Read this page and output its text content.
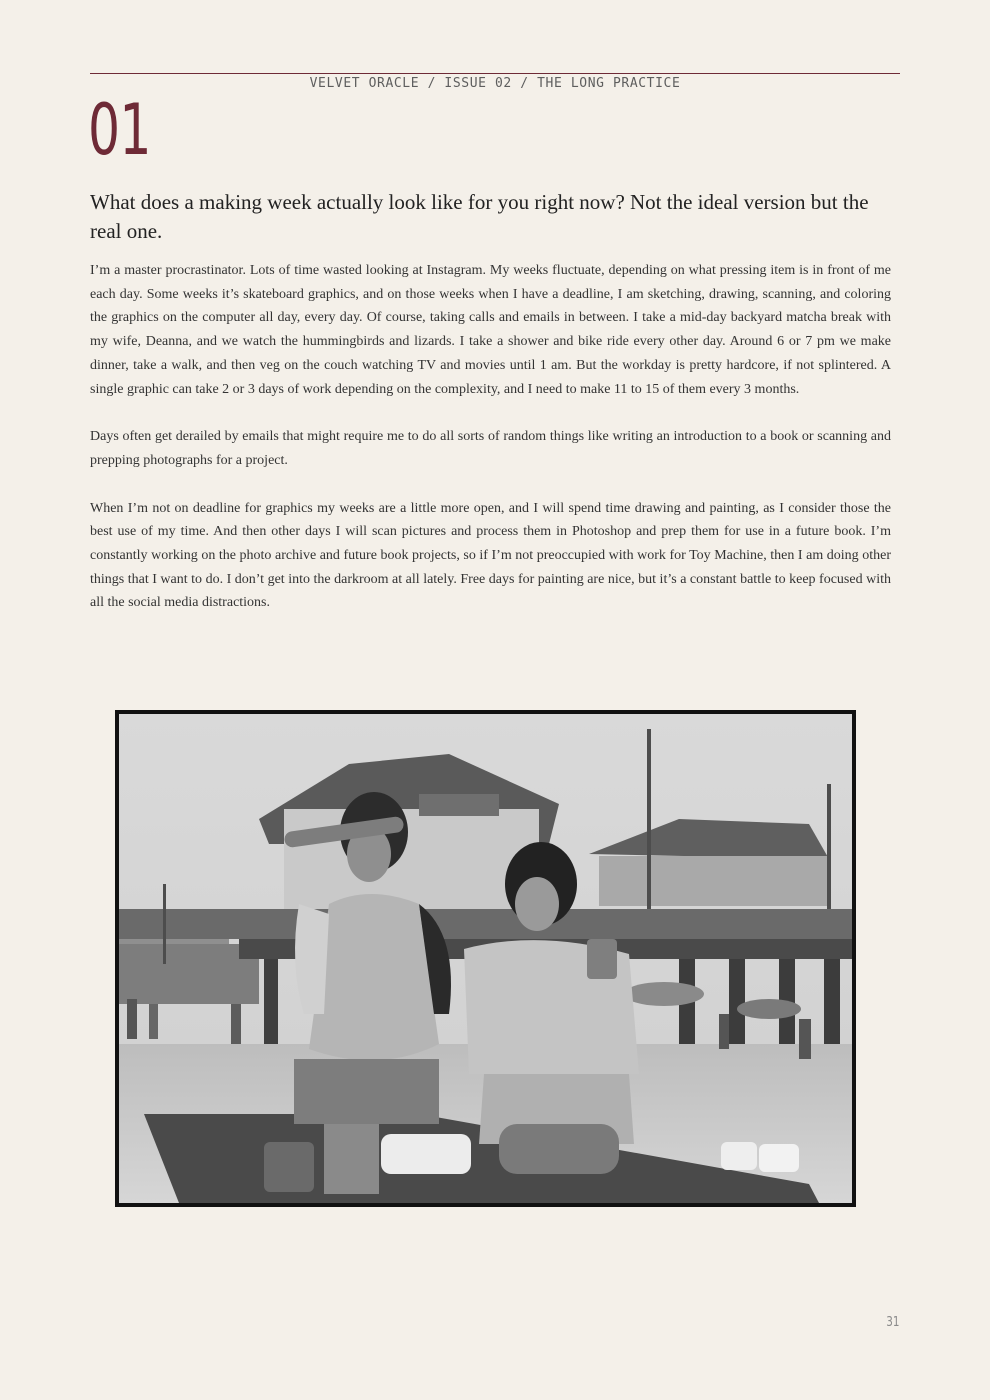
VELVET ORACLE / ISSUE 02 / THE LONG PRACTICE
01
What does a making week actually look like for you right now? Not the ideal version but the real one.

I’m a master procrastinator. Lots of time wasted looking at Instagram. My weeks fluctuate, depending on what pressing item is in front of me each day. Some weeks it’s skateboard graphics, and on those weeks when I have a deadline, I am sketching, drawing, scanning, and coloring the graphics on the computer all day, every day. Of course, taking calls and emails in between. I take a mid-day backyard matcha break with my wife, Deanna, and we watch the hummingbirds and lizards. I take a shower and bike ride every other day. Around 6 or 7 pm we make dinner, take a walk, and then veg on the couch watching TV and movies until 1 am. But the workday is pretty hardcore, if not splintered. A single graphic can take 2 or 3 days of work depending on the complexity, and I need to make 11 to 15 of them every 3 months.

Days often get derailed by emails that might require me to do all sorts of random things like writing an introduction to a book or scanning and prepping photographs for a project.

When I’m not on deadline for graphics my weeks are a little more open, and I will spend time drawing and painting, as I consider those the best use of my time. And then other days I will scan pictures and process them in Photoshop and prep them for use in a future book. I’m constantly working on the photo archive and future book projects, so if I’m not preoccupied with work for Toy Machine, then I am doing other things that I want to do. I don’t get into the darkroom at all lately. Free days for painting are nice, but it’s a constant battle to keep focused with all the social media distractions.

31
